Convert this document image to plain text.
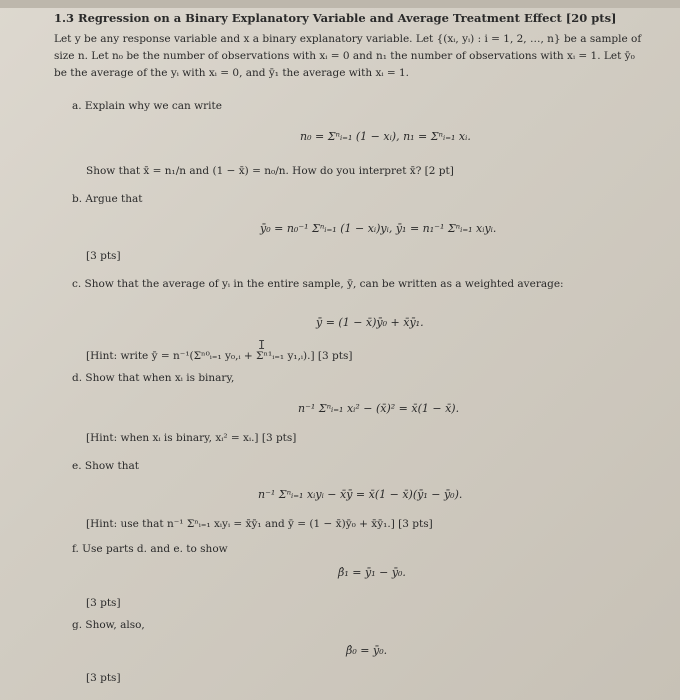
1.3 Regression on a Binary Explanatory Variable and Average Treatment Effect [20 pts]
Let y be any response variable and x a binary explanatory variable. Let {(xᵢ, yᵢ) : i = 1, 2, …, n} be a sample of
size n. Let n₀ be the number of observations with xᵢ = 0 and n₁ the number of observations with xᵢ = 1. Let ȳ₀
be the average of the yᵢ with xᵢ = 0, and ȳ₁ the average with xᵢ = 1.
a. Explain why we can write
n₀ = Σⁿᵢ₌₁ (1 − xᵢ), n₁ = Σⁿᵢ₌₁ xᵢ.
Show that x̄ = n₁/n and (1 − x̄) = n₀/n. How do you interpret x̄? [2 pt]
b. Argue that
ȳ₀ = n₀⁻¹ Σⁿᵢ₌₁ (1 − xᵢ)yᵢ, ȳ₁ = n₁⁻¹ Σⁿᵢ₌₁ xᵢyᵢ.
[3 pts]
c. Show that the average of yᵢ in the entire sample, ȳ, can be written as a weighted average:
ȳ = (1 − x̄)ȳ₀ + x̄ȳ₁.
[Hint: write ȳ = n⁻¹(Σⁿ⁰ᵢ₌₁ y₀,ᵢ + Σⁿ¹ᵢ₌₁ y₁,ᵢ).] [3 pts]
I
d. Show that when xᵢ is binary,
n⁻¹ Σⁿᵢ₌₁ xᵢ² − (x̄)² = x̄(1 − x̄).
[Hint: when xᵢ is binary, xᵢ² = xᵢ.] [3 pts]
e. Show that
n⁻¹ Σⁿᵢ₌₁ xᵢyᵢ − x̄ȳ = x̄(1 − x̄)(ȳ₁ − ȳ₀).
[Hint: use that n⁻¹ Σⁿᵢ₌₁ xᵢyᵢ = x̄ȳ₁ and ȳ = (1 − x̄)ȳ₀ + x̄ȳ₁.] [3 pts]
f. Use parts d. and e. to show
β̂₁ = ȳ₁ − ȳ₀.
[3 pts]
g. Show, also,
β̂₀ = ȳ₀.
[3 pts]
